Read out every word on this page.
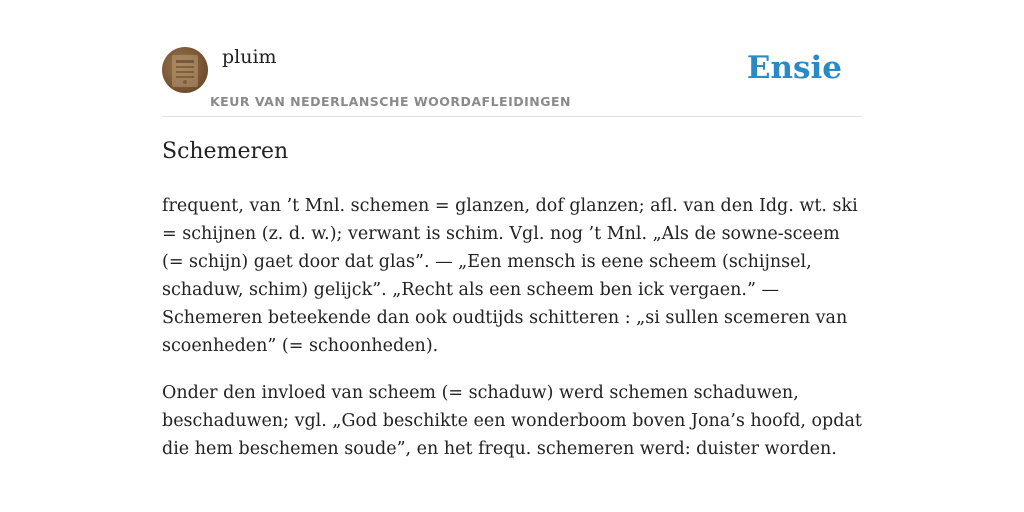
pluim
KEUR VAN NEDERLANSCHE WOORDAFLEIDINGEN
Ensie
Schemeren

frequent, van ’t Mnl. schemen = glanzen, dof glanzen; afl. van den Idg. wt. ski = schijnen (z. d. w.); verwant is schim. Vgl. nog ’t Mnl. „Als de sowne-sceem (= schijn) gaet door dat glas”. — „Een mensch is eene scheem (schijnsel, schaduw, schim) gelijck”. „Recht als een scheem ben ick vergaen.” — Schemeren beteekende dan ook oudtijds schitteren : „si sullen scemeren van scoenheden” (= schoonheden).

Onder den invloed van scheem (= schaduw) werd schemen schaduwen, beschaduwen; vgl. „God beschikte een wonderboom boven Jona’s hoofd, opdat die hem beschemen soude”, en het frequ. schemeren werd: duister worden.
